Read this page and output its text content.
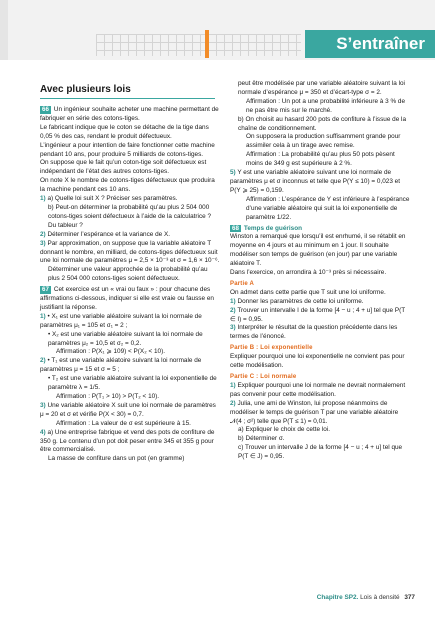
S’entraîner
Avec plusieurs lois

66 Un ingénieur souhaite acheter une machine permettant de fabriquer en série des cotons-tiges.

Le fabricant indique que le coton se détache de la tige dans 0,05 % des cas, rendant le produit défectueux.

L’ingénieur a pour intention de faire fonctionner cette machine pendant 10 ans, pour produire 5 milliards de cotons-tiges.

On suppose que le fait qu’un coton-tige soit défectueux est indépendant de l’état des autres cotons-tiges.

On note X le nombre de cotons-tiges défectueux que produira la machine pendant ces 10 ans.

1) a) Quelle loi suit X ? Préciser ses paramètres.

b) Peut-on déterminer la probabilité qu’au plus 2 504 000 cotons-tiges soient défectueux à l’aide de la calculatrice ? Du tableur ?

2) Déterminer l’espérance et la variance de X.

3) Par approximation, on suppose que la variable aléatoire T donnant le nombre, en milliard, de cotons-tiges défectueux suit une loi normale de paramètres μ = 2,5 × 10⁻³ et σ = 1,6 × 10⁻⁶.

Déterminer une valeur approchée de la probabilité qu’au plus 2 504 000 cotons-tiges soient défectueux.

67 Cet exercice est un « vrai ou faux » : pour chacune des affirmations ci-dessous, indiquer si elle est vraie ou fausse en justifiant la réponse.

1) • X₁ est une variable aléatoire suivant la loi normale de paramètres μ₁ = 105 et σ₁ = 2 ;

• X₂ est une variable aléatoire suivant la loi normale de paramètres μ₂ = 10,5 et σ₂ = 0,2.

Affirmation : P(X₁ ⩾ 109) < P(X₂ < 10).

2) • T₁ est une variable aléatoire suivant la loi normale de paramètres μ = 15 et σ = 5 ;

• T₂ est une variable aléatoire suivant la loi exponentielle de paramètre λ = 1/5.

Affirmation : P(T₁ > 10) > P(T₂ < 10).

3) Une variable aléatoire X suit une loi normale de paramètres μ = 20 et σ et vérifie P(X < 30) = 0,7.

Affirmation : La valeur de σ est supérieure à 15.

4) a) Une entreprise fabrique et vend des pots de confiture de 350 g. Le contenu d’un pot doit peser entre 345 et 355 g pour être commercialisé.

La masse de confiture dans un pot (en gramme)

peut être modélisée par une variable aléatoire suivant la loi normale d’espérance μ = 350 et d’écart-type σ = 2.

Affirmation : Un pot a une probabilité inférieure à 3 % de ne pas être mis sur le marché.

b) On choisit au hasard 200 pots de confiture à l’issue de la chaîne de conditionnement.

On supposera la production suffisamment grande pour assimiler cela à un tirage avec remise.

Affirmation : La probabilité qu’au plus 50 pots pèsent moins de 349 g est supérieure à 2 %.

5) Y est une variable aléatoire suivant une loi normale de paramètres μ et σ inconnus et telle que P(Y ≤ 10) = 0,023 et P(Y ⩾ 25) = 0,159.

Affirmation : L’espérance de Y est inférieure à l’espérance d’une variable aléatoire qui suit la loi exponentielle de paramètre 1/22.

68 Temps de guérison

Winston a remarqué que lorsqu’il est enrhumé, il se rétablit en moyenne en 4 jours et au minimum en 1 jour. Il souhaite modéliser son temps de guérison (en jour) par une variable aléatoire T.

Dans l’exercice, on arrondira à 10⁻³ près si nécessaire.

Partie A

On admet dans cette partie que T suit une loi uniforme.

1) Donner les paramètres de cette loi uniforme.

2) Trouver un intervalle I de la forme [4 − u ; 4 + u] tel que P(T ∈ I) = 0,95.

3) Interpréter le résultat de la question précédente dans les termes de l’énoncé.

Partie B : Loi exponentielle

Expliquer pourquoi une loi exponentielle ne convient pas pour cette modélisation.

Partie C : Loi normale

1) Expliquer pourquoi une loi normale ne devrait normalement pas convenir pour cette modélisation.

2) Julia, une ami de Winston, lui propose néanmoins de modéliser le temps de guérison T par une variable aléatoire 𝒩(4 ; σ²) telle que P(T ≤ 1) = 0,01.

a) Expliquer le choix de cette loi.

b) Déterminer σ.

c) Trouver un intervalle J de la forme [4 − u ; 4 + u] tel que P(T ∈ J) = 0,95.

Chapitre SP2. Lois à densité 377
